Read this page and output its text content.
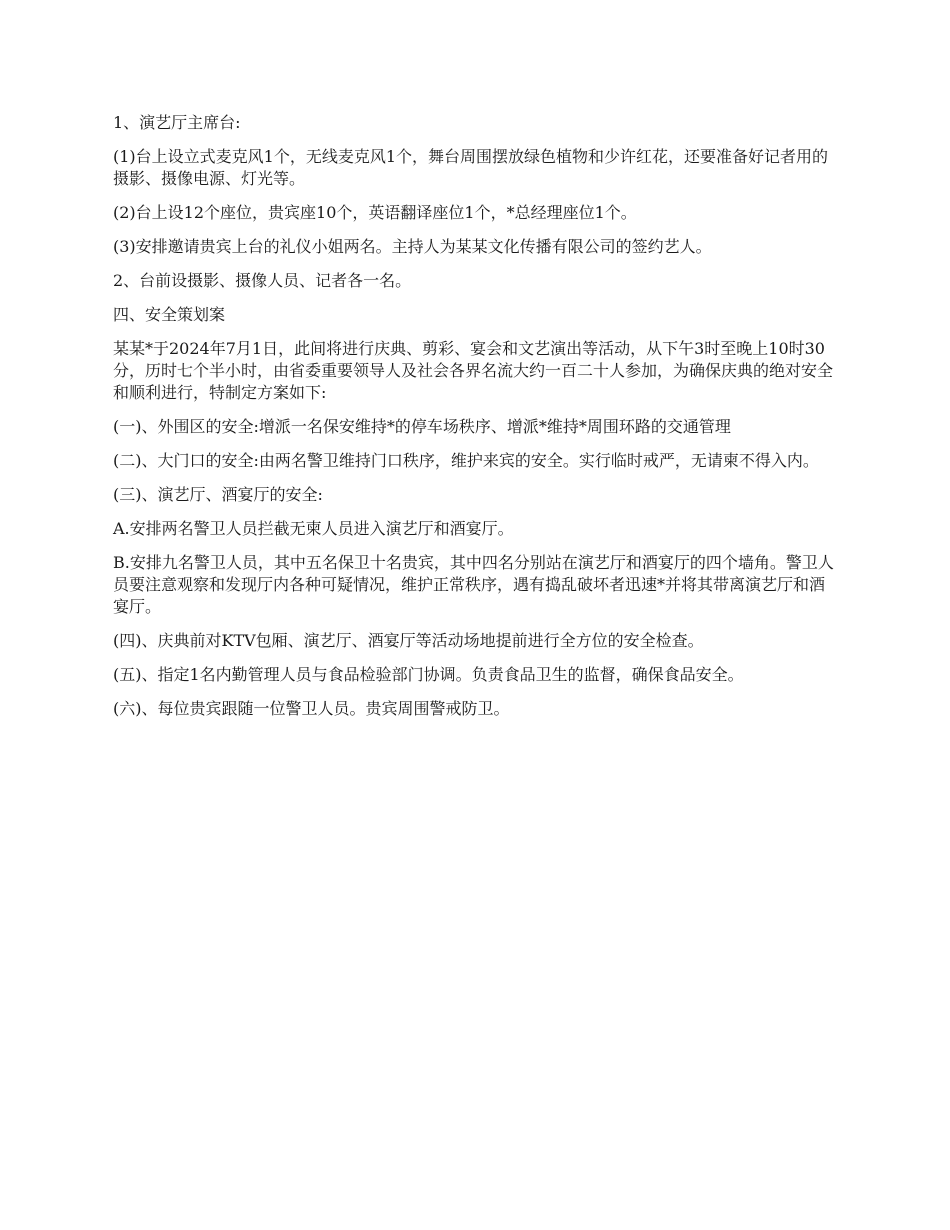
1、演艺厅主席台:

(1)台上设立式麦克风1个，无线麦克风1个，舞台周围摆放绿色植物和少许红花，还要准备好记者用的摄影、摄像电源、灯光等。

(2)台上设12个座位，贵宾座10个，英语翻译座位1个，*总经理座位1个。

(3)安排邀请贵宾上台的礼仪小姐两名。主持人为某某文化传播有限公司的签约艺人。

2、台前设摄影、摄像人员、记者各一名。

四、安全策划案

某某*于2024年7月1日，此间将进行庆典、剪彩、宴会和文艺演出等活动，从下午3时至晚上10时30分，历时七个半小时，由省委重要领导人及社会各界名流大约一百二十人参加，为确保庆典的绝对安全和顺利进行，特制定方案如下:

(一)、外围区的安全:增派一名保安维持*的停车场秩序、增派*维持*周围环路的交通管理

(二)、大门口的安全:由两名警卫维持门口秩序，维护来宾的安全。实行临时戒严，无请柬不得入内。

(三)、演艺厅、酒宴厅的安全:

A.安排两名警卫人员拦截无柬人员进入演艺厅和酒宴厅。

B.安排九名警卫人员，其中五名保卫十名贵宾，其中四名分别站在演艺厅和酒宴厅的四个墙角。警卫人员要注意观察和发现厅内各种可疑情况，维护正常秩序，遇有捣乱破坏者迅速*并将其带离演艺厅和酒宴厅。

(四)、庆典前对KTV包厢、演艺厅、酒宴厅等活动场地提前进行全方位的安全检查。

(五)、指定1名内勤管理人员与食品检验部门协调。负责食品卫生的监督，确保食品安全。

(六)、每位贵宾跟随一位警卫人员。贵宾周围警戒防卫。
